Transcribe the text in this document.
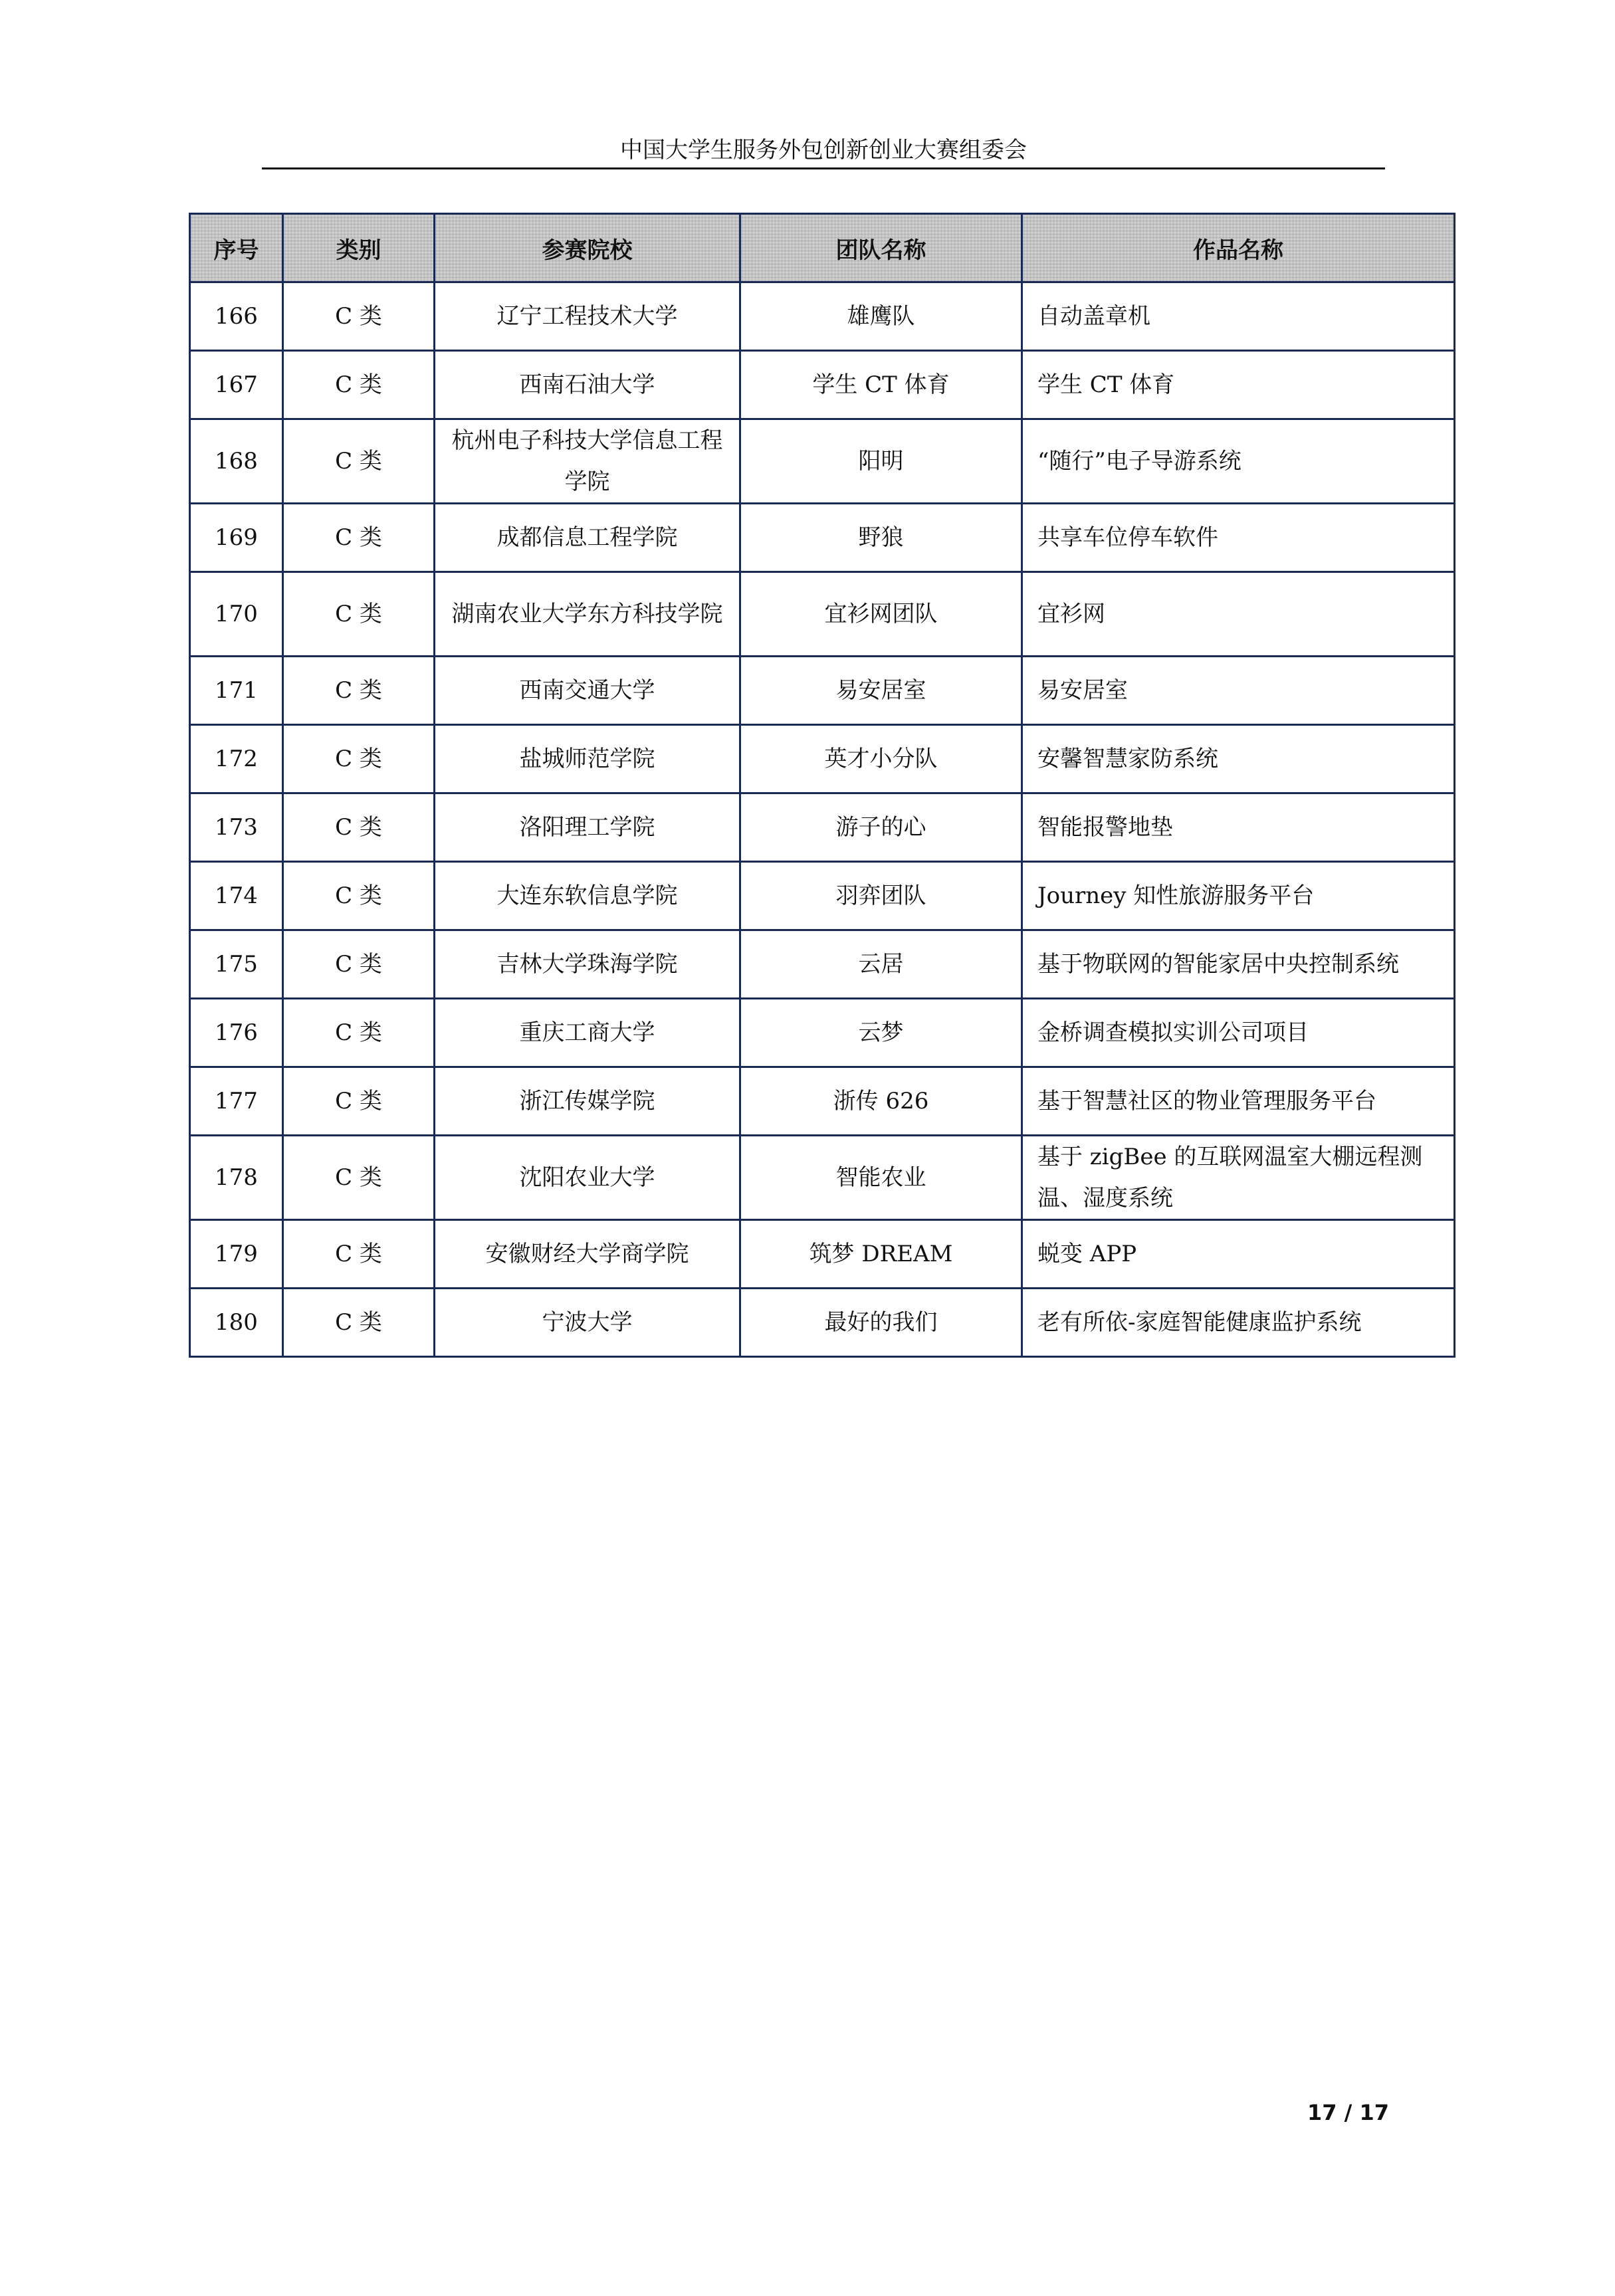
中国大学生服务外包创新创业大赛组委会
序号	类别	参赛院校	团队名称	作品名称
166	C 类	辽宁工程技术大学	雄鹰队	自动盖章机
167	C 类	西南石油大学	学生 CT 体育	学生 CT 体育
168	C 类	杭州电子科技大学信息工程学院	阳明	“随行”电子导游系统
169	C 类	成都信息工程学院	野狼	共享车位停车软件
170	C 类	湖南农业大学东方科技学院	宜衫网团队	宜衫网
171	C 类	西南交通大学	易安居室	易安居室
172	C 类	盐城师范学院	英才小分队	安馨智慧家防系统
173	C 类	洛阳理工学院	游子的心	智能报警地垫
174	C 类	大连东软信息学院	羽弈团队	Journey 知性旅游服务平台
175	C 类	吉林大学珠海学院	云居	基于物联网的智能家居中央控制系统
176	C 类	重庆工商大学	云梦	金桥调查模拟实训公司项目
177	C 类	浙江传媒学院	浙传 626	基于智慧社区的物业管理服务平台
178	C 类	沈阳农业大学	智能农业	基于 zigBee 的互联网温室大棚远程测温、湿度系统
179	C 类	安徽财经大学商学院	筑梦 DREAM	蜕变 APP
180	C 类	宁波大学	最好的我们	老有所依-家庭智能健康监护系统
17 / 17
